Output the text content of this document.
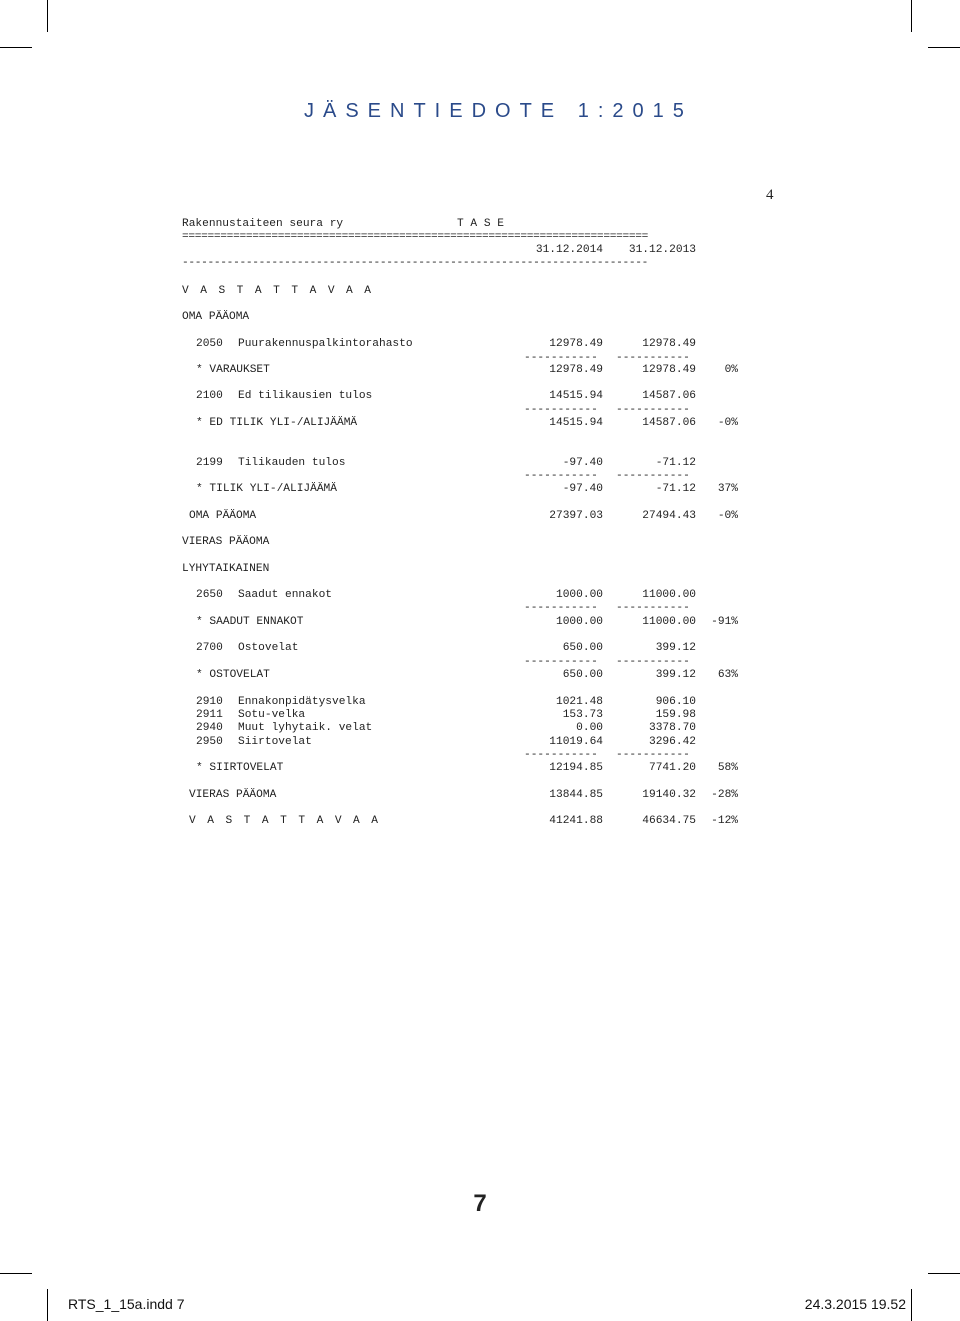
JÄSENTIEDOTE 1:2015
4
Rakennustaiteen seura ry	T A S E
=========================================================================
31.12.2014	31.12.2013
-------------------------------------------------------------------------
V A S T A T T A V A A
OMA PÄÄOMA
2050 Puurakennuspalkintorahasto	12978.49	12978.49
-----------	-----------
* VARAUKSET	12978.49	12978.49	0%
2100 Ed tilikausien tulos	14515.94	14587.06
-----------	-----------
* ED TILIK YLI-/ALIJÄÄMÄ	14515.94	14587.06	-0%
2199 Tilikauden tulos	-97.40	-71.12
-----------	-----------
* TILIK YLI-/ALIJÄÄMÄ	-97.40	-71.12	37%
OMA PÄÄOMA	27397.03	27494.43	-0%
VIERAS PÄÄOMA
LYHYTAIKAINEN
2650 Saadut ennakot	1000.00	11000.00
-----------	-----------
* SAADUT ENNAKOT	1000.00	11000.00	-91%
2700 Ostovelat	650.00	399.12
-----------	-----------
* OSTOVELAT	650.00	399.12	63%
2910 Ennakonpidätysvelka	1021.48	906.10
2911 Sotu-velka	153.73	159.98
2940 Muut lyhytaik. velat	0.00	3378.70
2950 Siirtovelat	11019.64	3296.42
-----------	-----------
* SIIRTOVELAT	12194.85	7741.20	58%
VIERAS PÄÄOMA	13844.85	19140.32	-28%
V A S T A T T A V A A	41241.88	46634.75	-12%
7
RTS_1_15a.indd 7	24.3.2015 19.52
